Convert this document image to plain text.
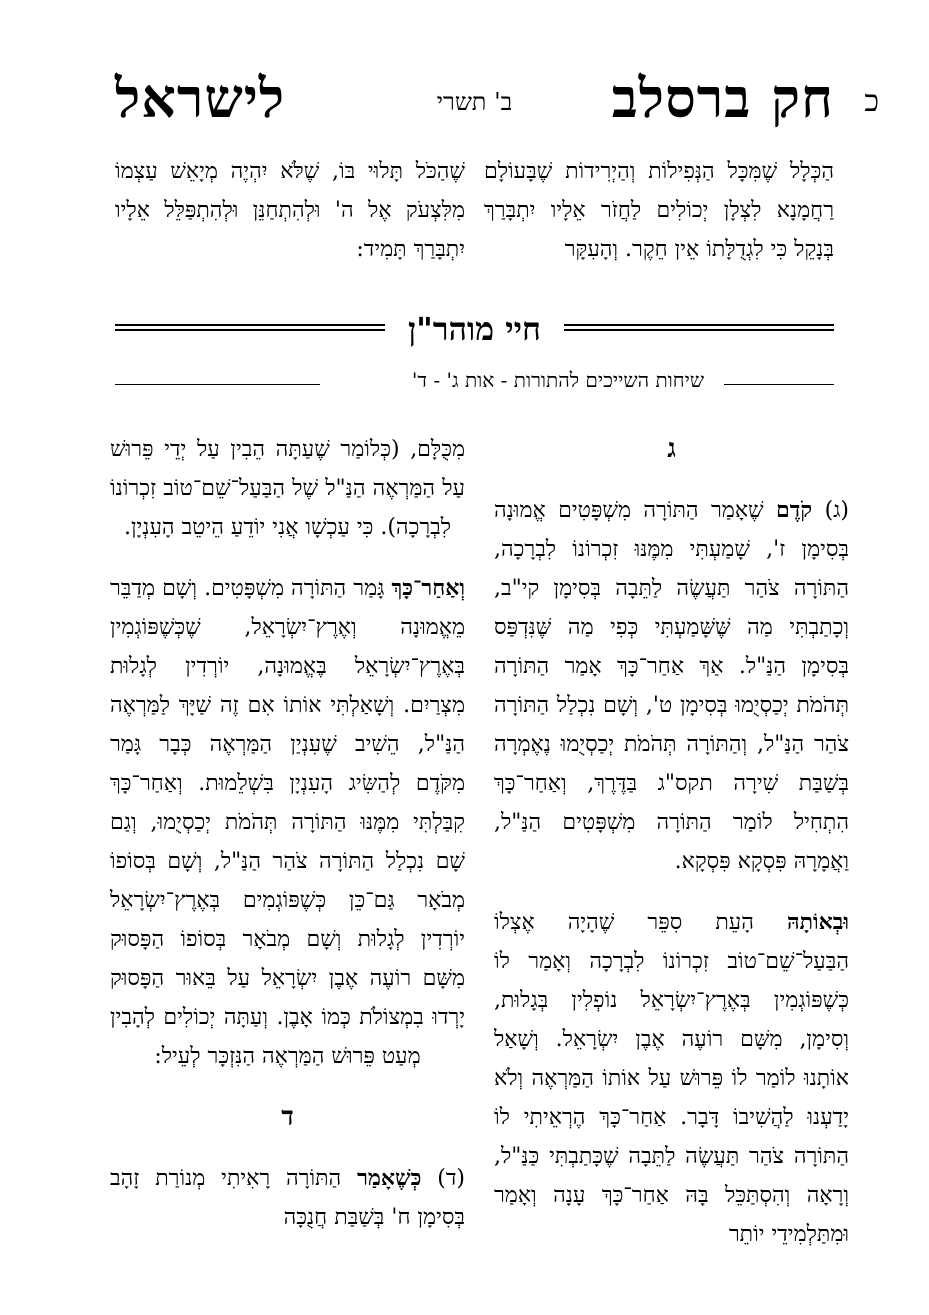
כ
חק ברסלב
ב' תשרי
לישראל
הַכְּלָל שֶׁמִּכָּל הַנְּפִילוֹת וְהַיְרִידוֹת שֶׁבָּעוֹלָם רַחֲמָנָא לִצְלָן יְכוֹלִים לַחֲזֹר אֵלָיו יִתְבָּרַךְ בְּנָקֵל כִּי לִגְדֻלָּתוֹ אֵין חֵקֶר. וְהָעִקָּר
שֶׁהַכֹּל תָּלוּי בּוֹ, שֶׁלֹּא יִהְיֶה מְיָאֵשׁ עַצְמוֹ מִלִּצְעֹק אֶל ה' וּלְהִתְחַנֵּן וּלְהִתְפַּלֵּל אֵלָיו יִתְבָּרַךְ תָּמִיד:
חיי מוהר"ן
שיחות השייכים להתורות - אות ג' - ד'

ג

(ג) קֹדֶם שֶׁאָמַר הַתּוֹרָה מִשְׁפָּטִים אֱמוּנָה בְּסִימָן ז', שָׁמַעְתִּי מִמֶּנּוּ זִכְרוֹנוֹ לִבְרָכָה, הַתּוֹרָה צֹהַר תַּעֲשֶׂה לַתֵּבָה בְּסִימָן קי"ב, וְכָתַבְתִּי מַה שֶּׁשָּׁמַעְתִּי כְּפִי מַה שֶּׁנִּדְפַּס בְּסִימָן הַנַּ"ל. אַךְ אַחַר־כָּךְ אָמַר הַתּוֹרָה תְּהֹמֹת יְכַסְיֻמוּ בְּסִימָן ט', וְשָׁם נִכְלַל הַתּוֹרָה צֹהַר הַנַּ"ל, וְהַתּוֹרָה תְּהֹמֹת יְכַסְיֻמוּ נֶאֶמְרָה בְּשַׁבַּת שִׁירָה תקס"ג בַּדֶּרֶךְ, וְאַחַר־כָּךְ הִתְחִיל לוֹמַר הַתּוֹרָה מִשְׁפָּטִים הַנַּ"ל, וַאֲמָרָהּ פִּסְקָא פִּסְקָא.

וּבְאוֹתָהּ הָעֵת סִפֵּר שֶׁהָיָה אֶצְלוֹ הַבַּעַל־שֵׁם־טוֹב זִכְרוֹנוֹ לִבְרָכָה וְאָמַר לוֹ כְּשֶׁפּוֹגְמִין בְּאֶרֶץ־יִשְׂרָאֵל נוֹפְלִין בְּגָלוּת, וְסִימָן, מִשָּׁם רוֹעֶה אֶבֶן יִשְׂרָאֵל. וְשָׁאַל אוֹתָנוּ לוֹמַר לוֹ פֵּרוּשׁ עַל אוֹתוֹ הַמַּרְאֶה וְלֹא יָדַעְנוּ לַהֲשִׁיבוֹ דָּבָר. אַחַר־כָּךְ הֶרְאֵיתִי לוֹ הַתּוֹרָה צֹהַר תַּעֲשֶׂה לַתֵּבָה שֶׁכָּתַבְתִּי כַּנַּ"ל, וְרָאָה וְהִסְתַּכֵּל בָּהּ אַחַר־כָּךְ עָנָה וְאָמַר וּמִתַּלְמִידֵי יוֹתֵר

מִכֻּלָּם, (כְּלוֹמַר שֶׁעַתָּה הֵבִין עַל יְדֵי פֵּרוּשׁ עַל הַמַּרְאֶה הַנַּ"ל שֶׁל הַבַּעַל־שֵׁם־טוֹב זִכְרוֹנוֹ לִבְרָכָה). כִּי עַכְשָׁו אֲנִי יוֹדֵעַ הֵיטֵב הָעִנְיָן.

וְאַחַר־כָּךְ גָּמַר הַתּוֹרָה מִשְׁפָּטִים. וְשָׁם מְדַבֵּר מֵאֱמוּנָה וְאֶרֶץ־יִשְׂרָאֵל, שֶׁכְּשֶׁפּוֹגְמִין בְּאֶרֶץ־יִשְׂרָאֵל בֶּאֱמוּנָה, יוֹרְדִין לְגָלוּת מִצְרַיִם. וְשָׁאַלְתִּי אוֹתוֹ אִם זֶה שַׁיָּךְ לַמַּרְאֶה הַנַּ"ל, הֵשִׁיב שֶׁעִנְיַן הַמַּרְאֶה כְּבָר גָּמַר מִקֹּדֶם לְהַשִּׂיג הָעִנְיָן בִּשְׁלֵמוּת. וְאַחַר־כָּךְ קִבַּלְתִּי מִמֶּנּוּ הַתּוֹרָה תְּהֹמֹת יְכַסְיֻמוּ, וְגַם שָׁם נִכְלַל הַתּוֹרָה צֹהַר הַנַּ"ל, וְשָׁם בְּסוֹפוֹ מְבֹאָר גַּם־כֵּן כְּשֶׁפּוֹגְמִים בְּאֶרֶץ־יִשְׂרָאֵל יוֹרְדִין לְגָלוּת וְשָׁם מְבֹאָר בְּסוֹפוֹ הַפָּסוּק מִשָּׁם רוֹעֶה אֶבֶן יִשְׂרָאֵל עַל בֵּאוּר הַפָּסוּק יָרְדוּ בִמְצוֹלֹת כְּמוֹ אָבֶן. וְעַתָּה יְכוֹלִים לְהָבִין מְעַט פֵּרוּשׁ הַמַּרְאֶה הַנִּזְכָּר לְעֵיל:

ד

(ד) כְּשֶׁאָמַר הַתּוֹרָה רָאִיתִי מְנוֹרַת זָהָב בְּסִימָן ח' בְּשַׁבַּת חֲנֻכָּה
